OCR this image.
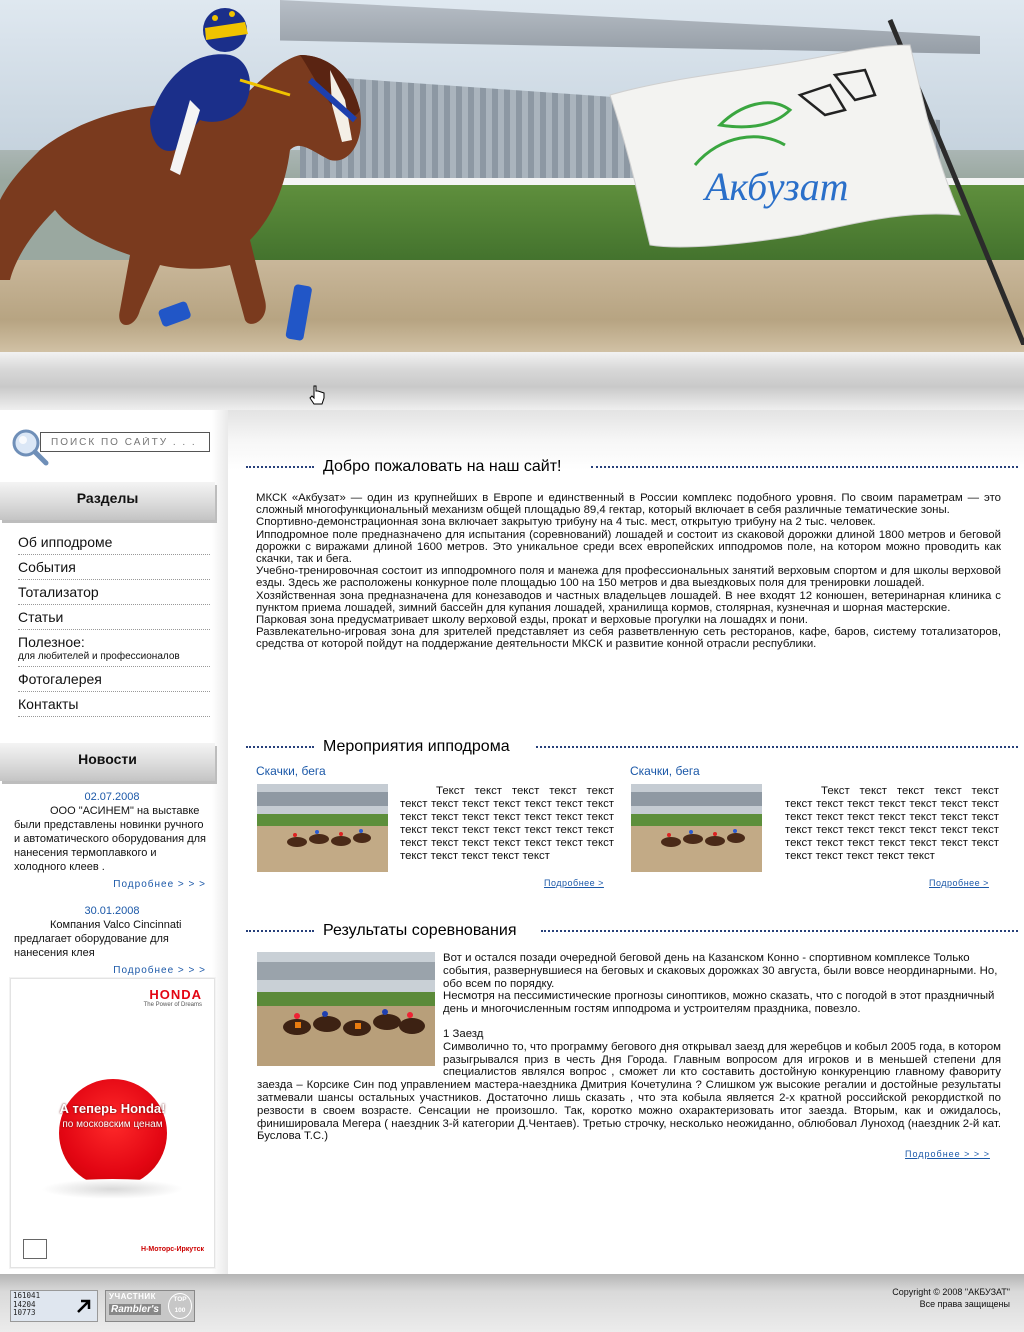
Акбузат
ПОИСК ПО САЙТУ . . .
Разделы
Об ипподроме
События
Тотализатор
Статьи
Полезное:
для любителей и профессионалов
Фотогалерея
Контакты
Новости
02.07.2008

ООО "АСИНЕМ" на выставке были представлены новинки ручного и автоматического оборудования для нанесения термоплавкого и холодного клеев .

Подробнее > > >
30.01.2008

Компания Valco Cincinnati предлагает оборудование для нанесения клея

Подробнее > > >
HONDA
The Power of Dreams
А теперь Honda!
по московским ценам
Н-Моторс-Иркутск
Добро пожаловать на наш сайт!

МКСК «Акбузат» — один из крупнейших в Европе и единственный в России комплекс подобного уровня. По своим параметрам — это сложный многофункциональный механизм общей площадью 89,4 гектар, который включает в себя различные тематические зоны.

Спортивно-демонстрационная зона включает закрытую трибуну на 4 тыс. мест, открытую трибуну на 2 тыс. человек.

Ипподромное поле предназначено для испытания (соревнований) лошадей и состоит из скаковой дорожки длиной 1800 метров и беговой дорожки с виражами длиной 1600 метров. Это уникальное среди всех европейских ипподромов поле, на котором можно проводить как скачки, так и бега.

Учебно-тренировочная состоит из ипподромного поля и манежа для профессиональных занятий верховым спортом и для школы верховой езды. Здесь же расположены конкурное поле площадью 100 на 150 метров и два выездковых поля для тренировки лошадей.

Хозяйственная зона предназначена для конезаводов и частных владельцев лошадей. В нее входят 12 конюшен, ветеринарная клиника с пунктом приема лошадей, зимний бассейн для купания лошадей, хранилища кормов, столярная, кузнечная и шорная мастерские.

Парковая зона предусматривает школу верховой езды, прокат и верховые прогулки на лошадях и пони.

Развлекательно-игровая зона для зрителей представляет из себя разветвленную сеть ресторанов, кафе, баров, систему тотализаторов, средства от которой пойдут на поддержание деятельности МКСК и развитие конной отрасли республики.

Мероприятия ипподрома
Скачки, бега
Текст текст текст текст текст текст текст текст текст текст текст текст текст текст текст текст текст текст текст текст текст текст текст текст текст текст текст текст текст текст текст текст текст текст текст текст текст текст
Подробнее >
Скачки, бега
Текст текст текст текст текст текст текст текст текст текст текст текст текст текст текст текст текст текст текст текст текст текст текст текст текст текст текст текст текст текст текст текст текст текст текст текст текст текст
Подробнее >
Результаты соревнования
Вот и остался позади очередной беговой день на Казанском Конно - спортивном комплексе Только события, развернувшиеся на беговых и скаковых дорожках 30 августа, были вовсе неординарными. Но, обо всем по порядку.
Несмотря на пессимистические прогнозы синоптиков, можно сказать, что с погодой в этот праздничный день и многочисленным гостям ипподрома и устроителям праздника, повезло.
1 Заезд
Символично то, что программу бегового дня открывал заезд для жеребцов и кобыл 2005 года, в котором разыгрывался приз в честь Дня Города. Главным вопросом для игроков и в меньшей степени для специалистов являлся вопрос , сможет ли кто составить достойную конкуренцию главному фавориту заезда – Корсике Син под управлением мастера-наездника Дмитрия Кочетулина ? Слишком уж высокие регалии и достойные результаты затмевали шансы остальных участников. Достаточно лишь сказать , что эта кобыла является 2-х кратной российской рекордисткой по резвости в своем возрасте. Сенсации не произошло. Так, коротко можно охарактеризовать итог заезда. Вторым, как и ожидалось, финишировала Мегера ( наездник 3-й категории Д.Чентаев). Третью строчку, несколько неожиданно, облюбовал Луноход (наездник 2-й кат. Буслова Т.С.)
Подробнее > > >
161041
14204
10773
УЧАСТНИК
Rambler's
TOP 100
Copyright © 2008 "АКБУЗАТ"
Все права защищены
